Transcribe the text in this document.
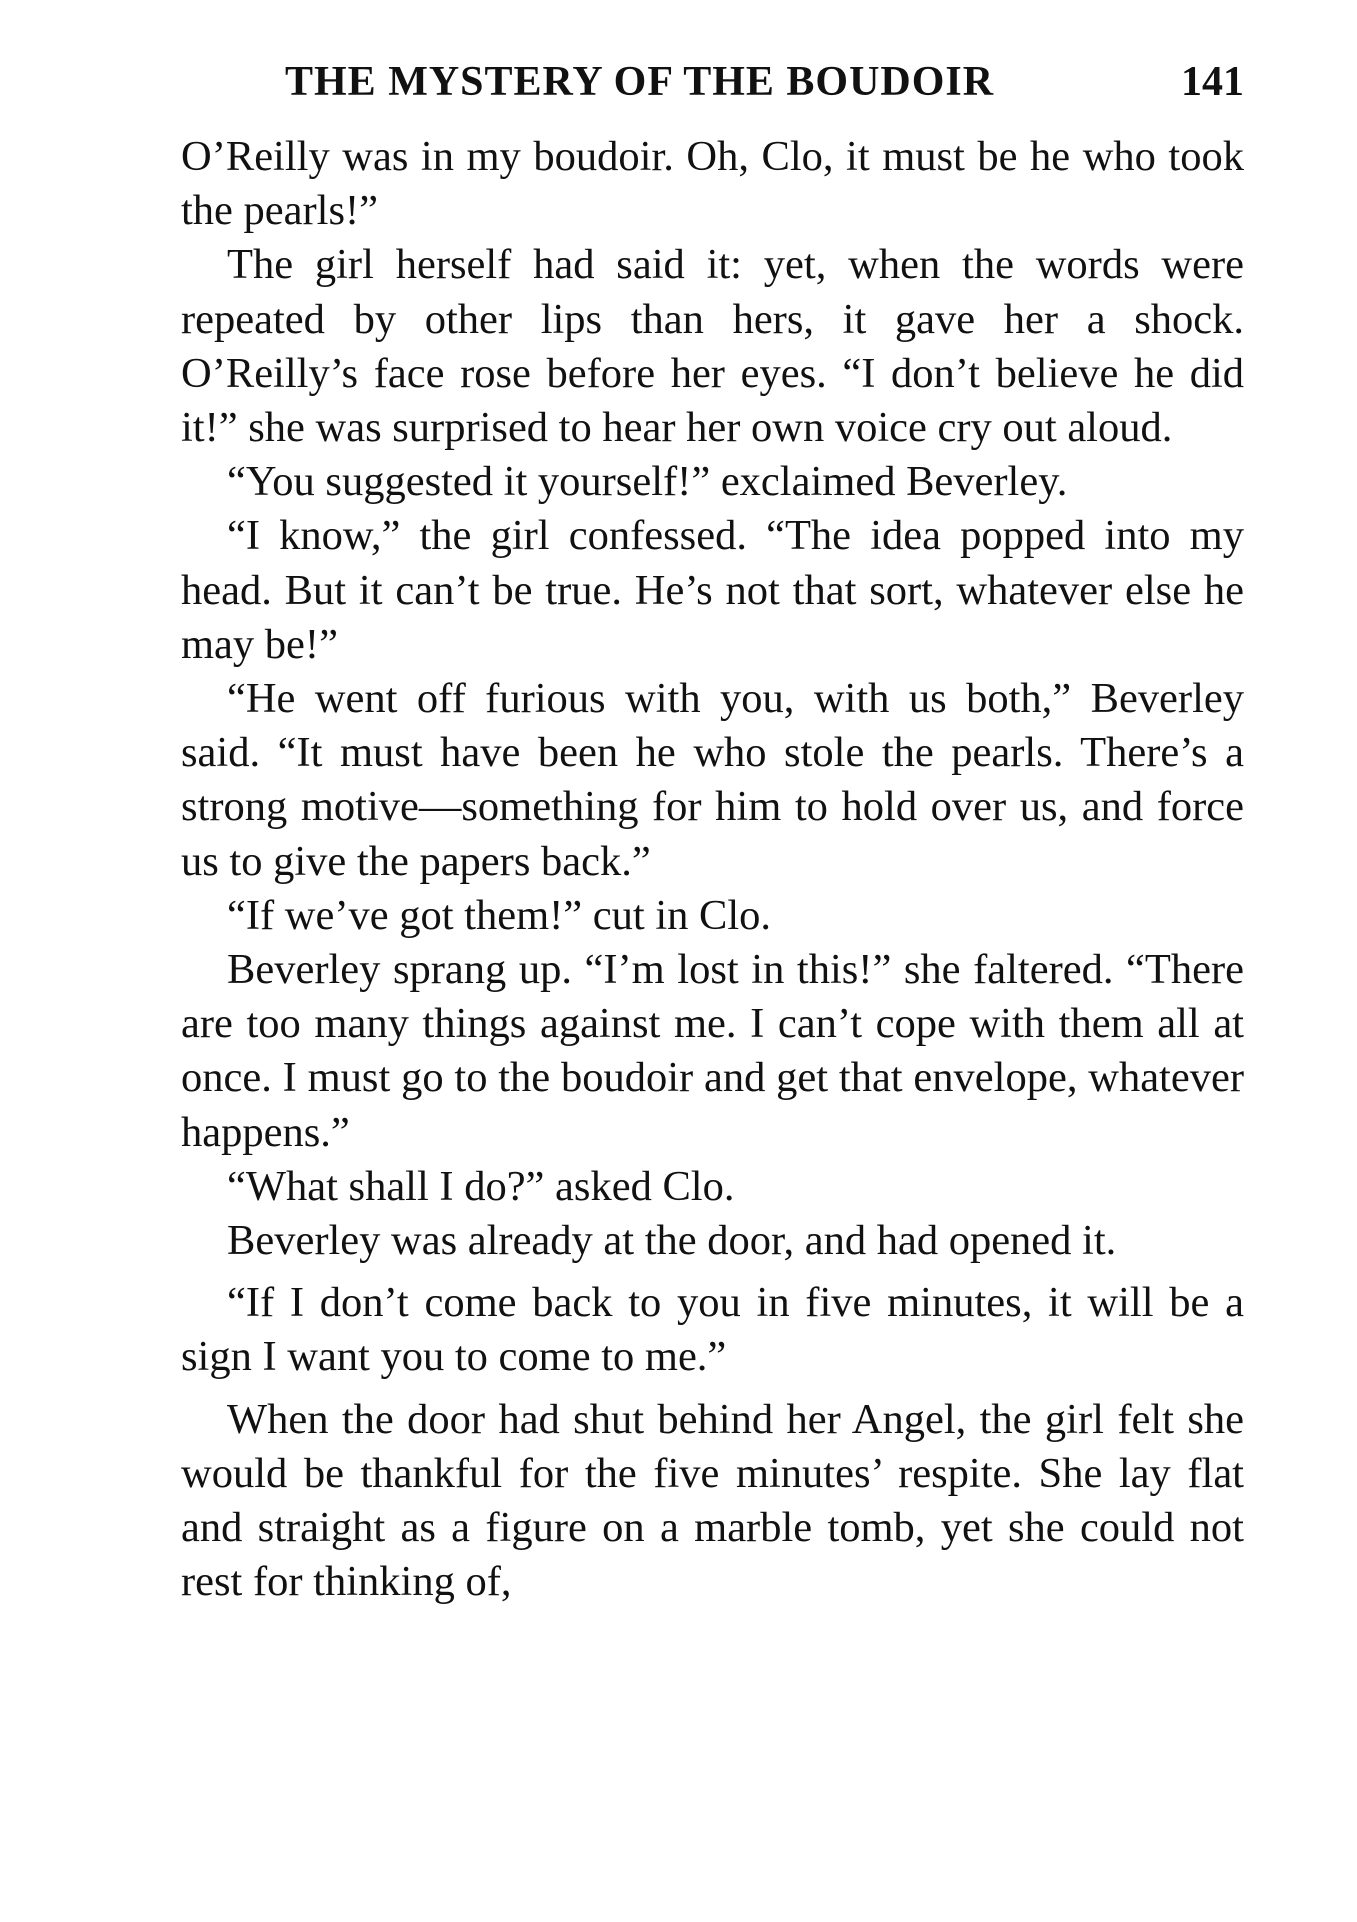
THE MYSTERY OF THE BOUDOIR	141

O’Reilly was in my boudoir. Oh, Clo, it must be he who took the pearls!”

The girl herself had said it: yet, when the words were repeated by other lips than hers, it gave her a shock. O’Reilly’s face rose before her eyes. “I don’t believe he did it!” she was surprised to hear her own voice cry out aloud.

“You suggested it yourself!” exclaimed Beverley.

“I know,” the girl confessed. “The idea popped into my head. But it can’t be true. He’s not that sort, whatever else he may be!”

“He went off furious with you, with us both,” Beverley said. “It must have been he who stole the pearls. There’s a strong motive—something for him to hold over us, and force us to give the papers back.”

“If we’ve got them!” cut in Clo.

Beverley sprang up. “I’m lost in this!” she faltered. “There are too many things against me. I can’t cope with them all at once. I must go to the boudoir and get that envelope, whatever happens.”

“What shall I do?” asked Clo.

Beverley was already at the door, and had opened it.

“If I don’t come back to you in five minutes, it will be a sign I want you to come to me.”

When the door had shut behind her Angel, the girl felt she would be thankful for the five minutes’ respite. She lay flat and straight as a figure on a marble tomb, yet she could not rest for thinking of,
